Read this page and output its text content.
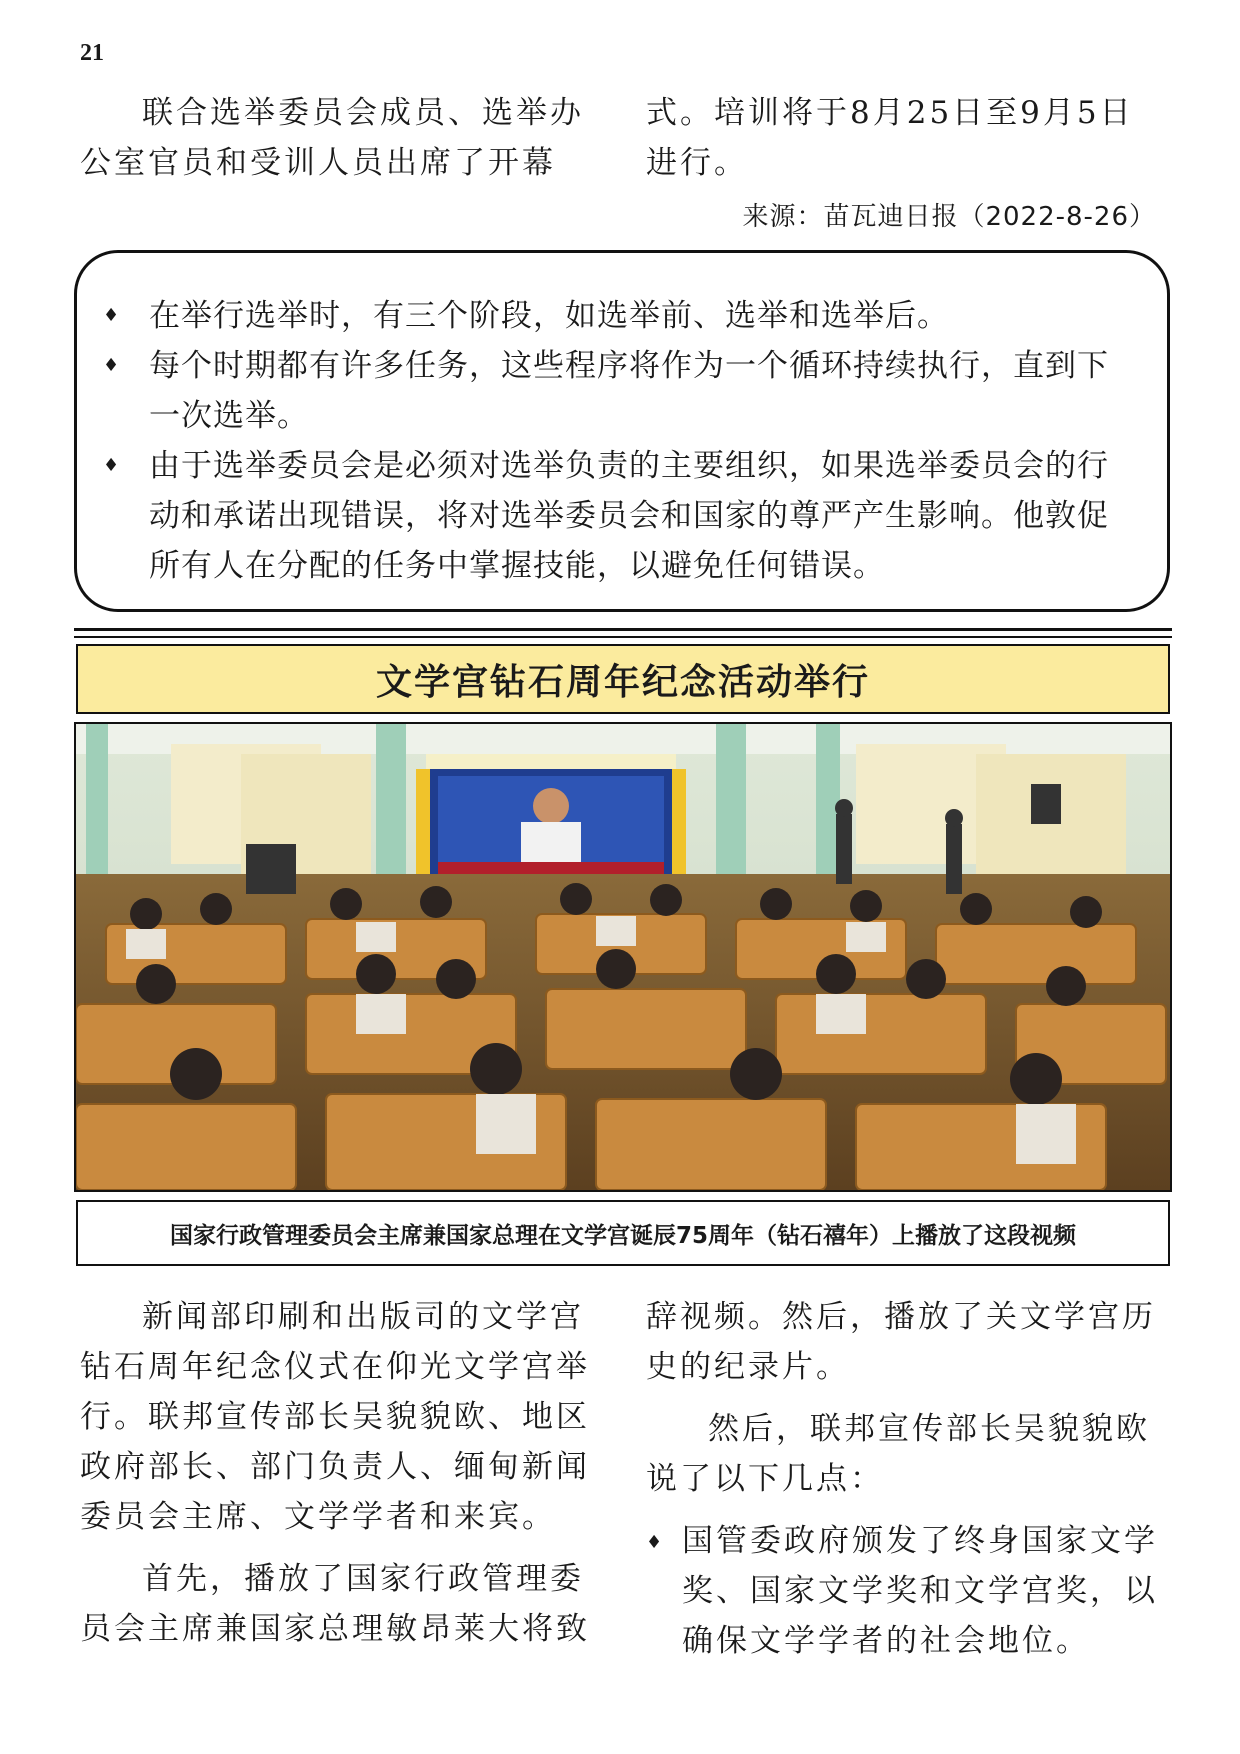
21

联合选举委员会成员、选举办公室官员和受训人员出席了开幕

式。培训将于8月25日至9月5日进行。

来源：苗瓦迪日报（2022-8-26）
♦ 在举行选举时，有三个阶段，如选举前、选举和选举后。
♦ 每个时期都有许多任务，这些程序将作为一个循环持续执行，直到下一次选举。
♦ 由于选举委员会是必须对选举负责的主要组织，如果选举委员会的行动和承诺出现错误，将对选举委员会和国家的尊严产生影响。他敦促所有人在分配的任务中掌握技能，以避免任何错误。
文学宫钻石周年纪念活动举行
国家行政管理委员会主席兼国家总理在文学宫诞辰75周年（钻石禧年）上播放了这段视频

新闻部印刷和出版司的文学宫钻石周年纪念仪式在仰光文学宫举行。联邦宣传部长吴貌貌欧、地区政府部长、部门负责人、缅甸新闻委员会主席、文学学者和来宾。

首先，播放了国家行政管理委员会主席兼国家总理敏昂莱大将致

辞视频。然后，播放了关文学宫历史的纪录片。

然后，联邦宣传部长吴貌貌欧说了以下几点：

♦ 国管委政府颁发了终身国家文学奖、国家文学奖和文学宫奖，以确保文学学者的社会地位。
